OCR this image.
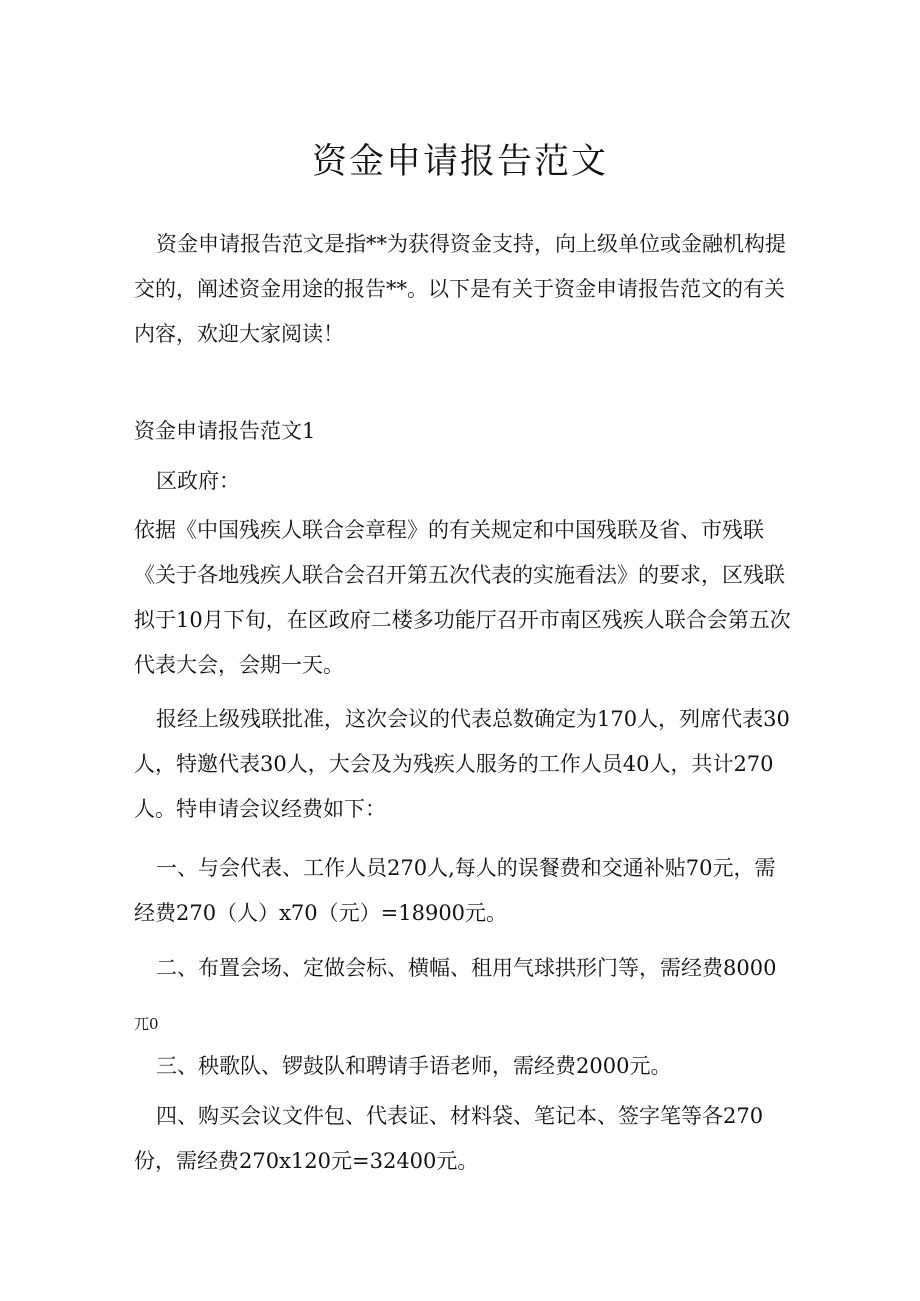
资金申请报告范文

资金申请报告范文是指**为获得资金支持，向上级单位或金融机构提交的，阐述资金用途的报告**。以下是有关于资金申请报告范文的有关内容，欢迎大家阅读！

资金申请报告范文1

区政府：

依据《中国残疾人联合会章程》的有关规定和中国残联及省、市残联《关于各地残疾人联合会召开第五次代表的实施看法》的要求，区残联拟于10月下旬，在区政府二楼多功能厅召开市南区残疾人联合会第五次代表大会，会期一天。

报经上级残联批准，这次会议的代表总数确定为170人，列席代表30人，特邀代表30人，大会及为残疾人服务的工作人员40人，共计270人。特申请会议经费如下：

一、与会代表、工作人员270人,每人的误餐费和交通补贴70元，需经费270（人）x70（元）=18900元。

二、布置会场、定做会标、横幅、租用气球拱形门等，需经费8000

兀0

三、秧歌队、锣鼓队和聘请手语老师，需经费2000元。

四、购买会议文件包、代表证、材料袋、笔记本、签字笔等各270份，需经费270x120元=32400元。
